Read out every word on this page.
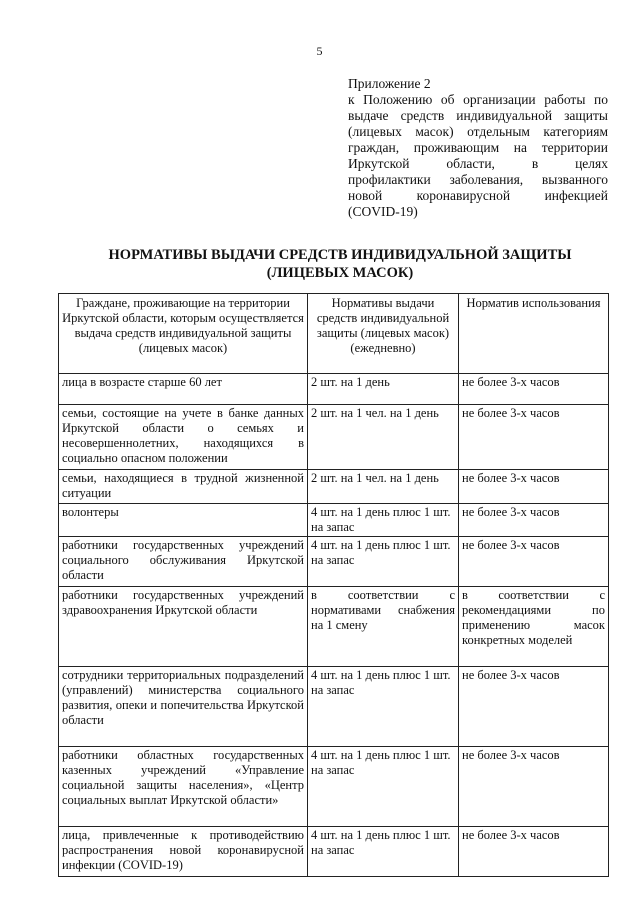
5
Приложение 2
к Положению об организации работы по
выдаче средств индивидуальной защиты
(лицевых масок) отдельным категориям
граждан, проживающим на территории
Иркутской       области,       в       целях
профилактики заболевания, вызванного
новой     коронавирусной     инфекцией
(COVID-19)
НОРМАТИВЫ ВЫДАЧИ СРЕДСТВ ИНДИВИДУАЛЬНОЙ ЗАЩИТЫ
(ЛИЦЕВЫХ МАСОК)
Граждане, проживающие на территории Иркутской области, которым осуществляется выдача средств индивидуальной защиты (лицевых масок)	Нормативы выдачи средств индивидуальной защиты (лицевых масок) (ежедневно)	Норматив использования
лица в возрасте старше 60 лет	2 шт. на 1 день	не более 3-х часов
семьи, состоящие на учете в банке данных Иркутской области о семьях и несовершеннолетних, находящихся в социально опасном положении	2 шт. на 1 чел. на 1 день	не более 3-х часов
семьи, находящиеся в трудной жизненной ситуации	2 шт. на 1 чел. на 1 день	не более 3-х часов
волонтеры	4 шт. на 1 день плюс 1 шт. на запас	не более 3-х часов
работники государственных учреждений социального обслуживания Иркутской области	4 шт. на 1 день плюс 1 шт. на запас	не более 3-х часов
работники государственных учреждений здравоохранения Иркутской области	в соответствии с нормативами снабжения на 1 смену	в соответствии с рекомендациями по применению масок конкретных моделей
сотрудники территориальных подразделений (управлений) министерства социального развития, опеки и попечительства Иркутской области	4 шт. на 1 день плюс 1 шт. на запас	не более 3-х часов
работники областных государственных казенных учреждений «Управление социальной защиты населения», «Центр социальных выплат Иркутской области»	4 шт. на 1 день плюс 1 шт. на запас	не более 3-х часов
лица, привлеченные к противодействию распространения новой коронавирусной инфекции (COVID-19)	4 шт. на 1 день плюс 1 шт. на запас	не более 3-х часов
